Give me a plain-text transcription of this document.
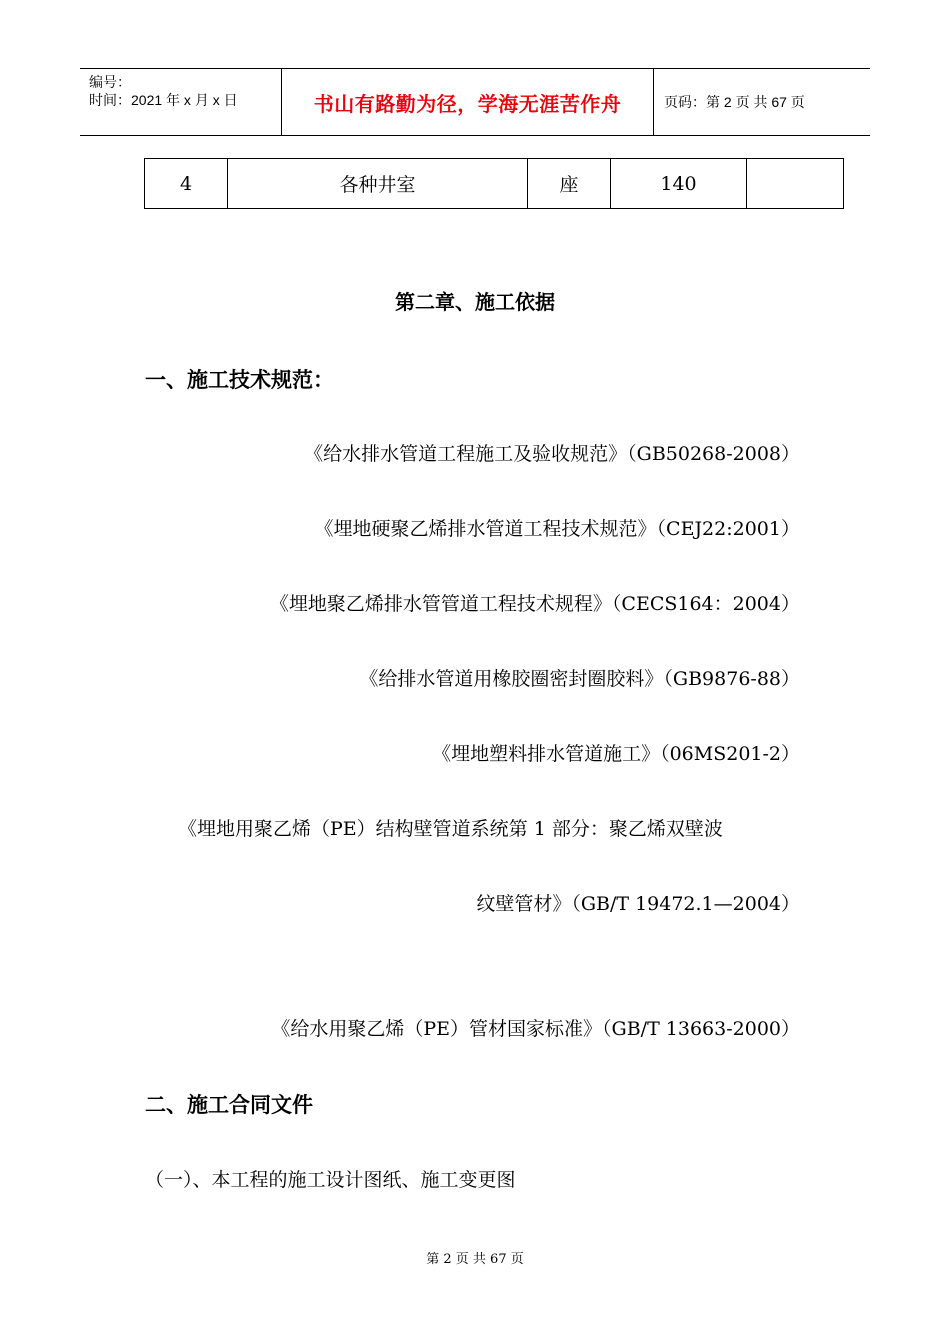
编号：
时间：2021 年 x 月 x 日	书山有路勤为径，学海无涯苦作舟	页码：第 2 页 共 67 页
4	各种井室	座	140	
第二章、施工依据
一、施工技术规范：
《给水排水管道工程施工及验收规范》（GB50268-2008）
《埋地硬聚乙烯排水管道工程技术规范》（CEJ22:2001）
《埋地聚乙烯排水管管道工程技术规程》（CECS164：2004）
《给排水管道用橡胶圈密封圈胶料》（GB9876-88）
《埋地塑料排水管道施工》（06MS201-2）
《埋地用聚乙烯（PE）结构壁管道系统第 1 部分：聚乙烯双壁波
纹壁管材》（GB/T 19472.1—2004）
《给水用聚乙烯（PE）管材国家标准》（GB/T 13663-2000）
二、施工合同文件
（一）、本工程的施工设计图纸、施工变更图
第 2 页 共 67 页
